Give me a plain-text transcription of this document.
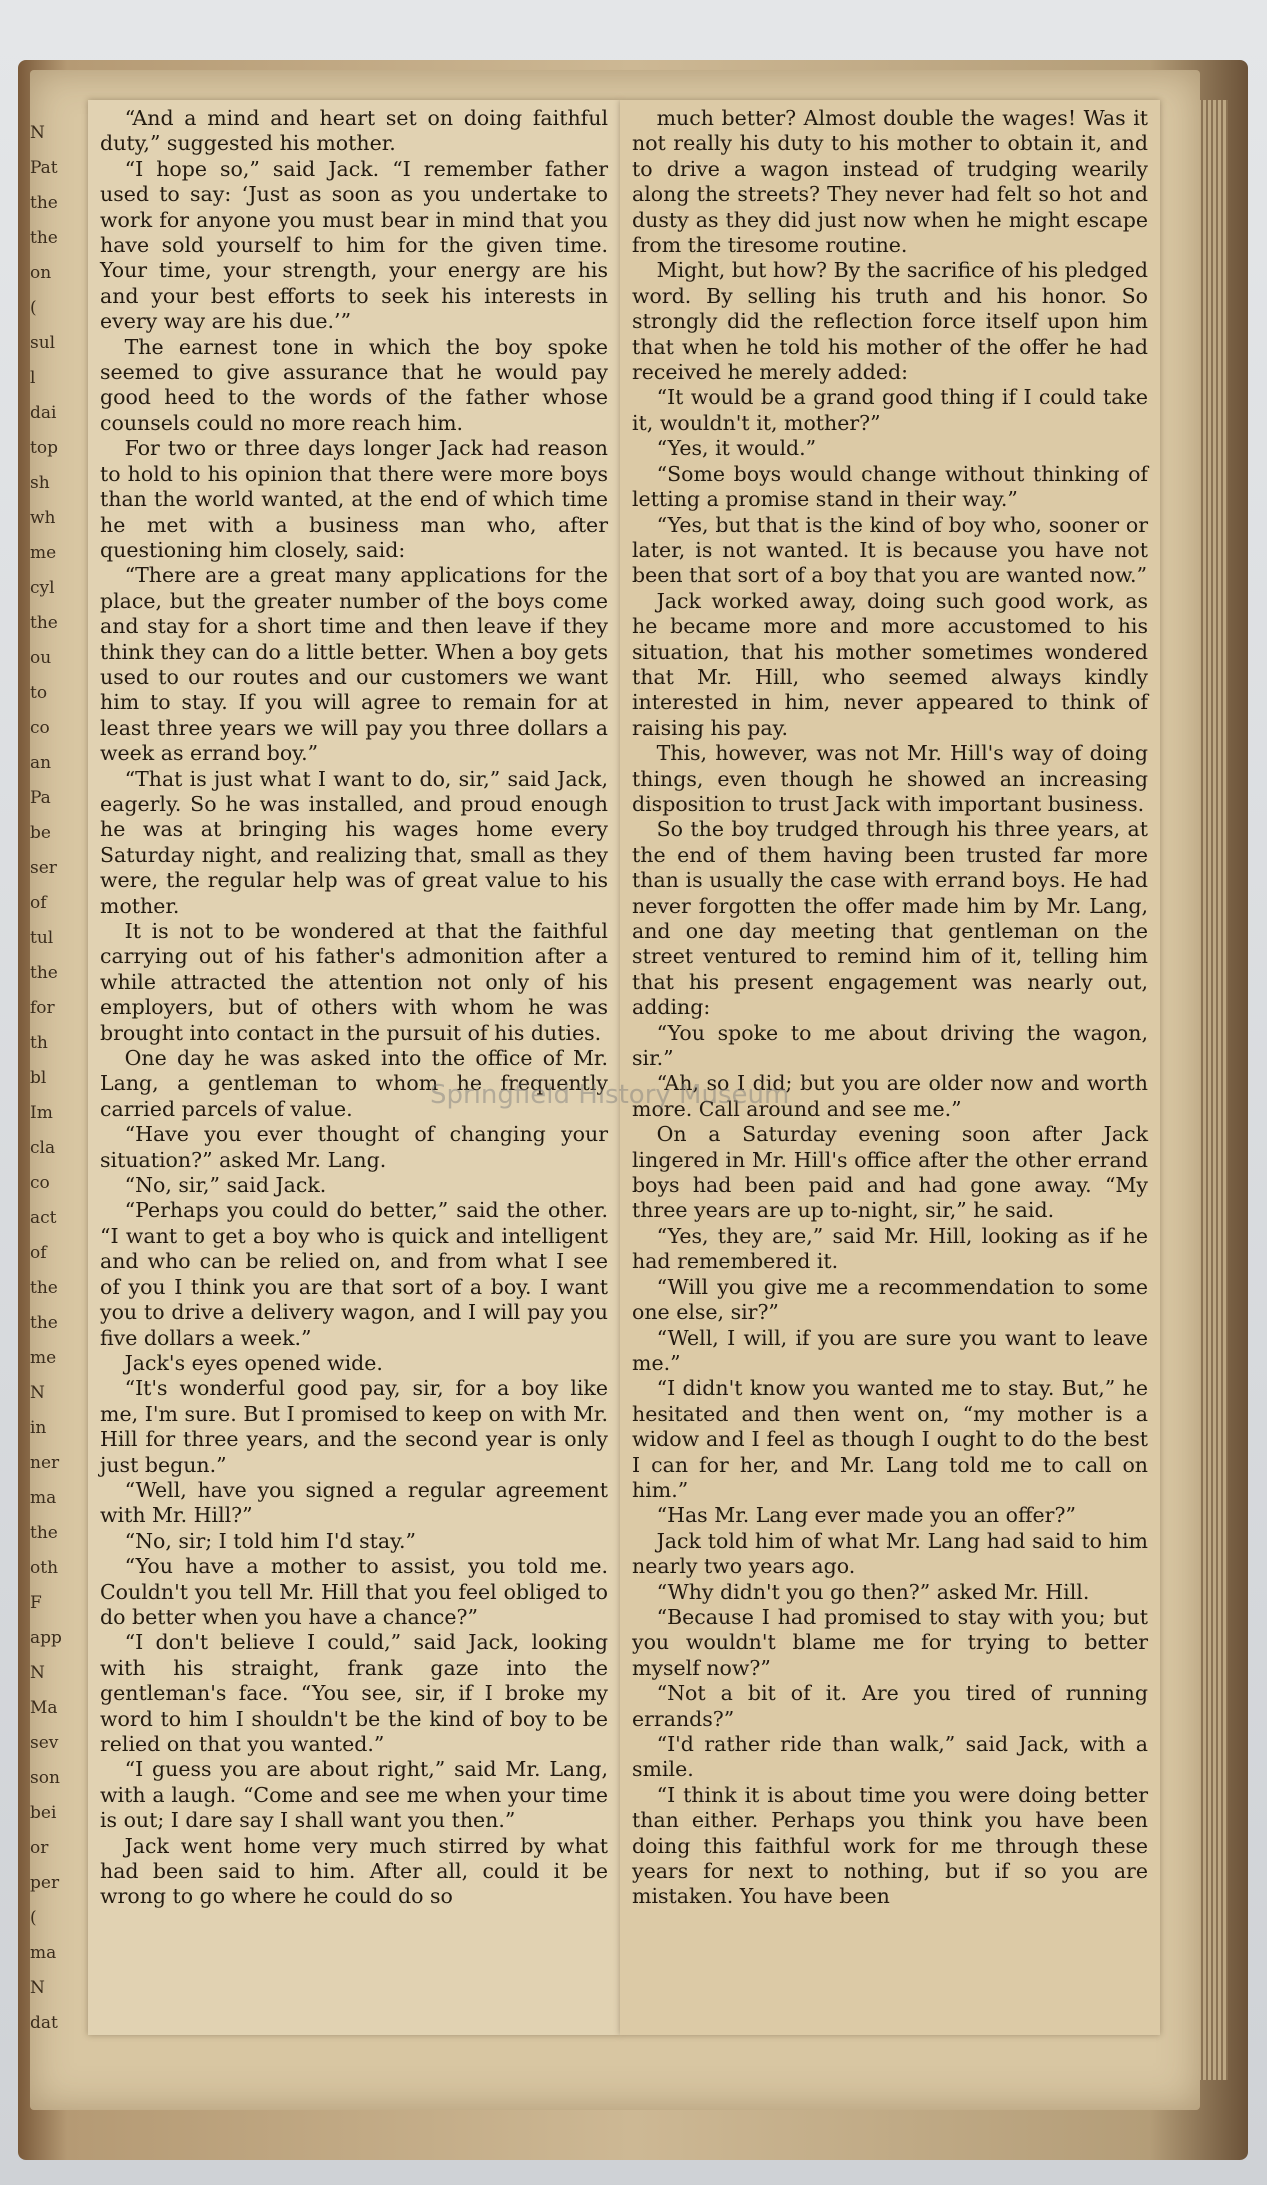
N
Pat
the
the
on
(
sul
l
dai
top
sh
wh
me
cyl
the
ou
to
co
an
Pa
be
ser
of
tul
the
for
th
bl
Im
cla
co
act
of
the
the
me
N
in
ner
ma
the
oth
F
app
N
Ma
sev
son
bei
or
per
(
ma
N
dat

“And a mind and heart set on doing faithful duty,” suggested his mother.

“I hope so,” said Jack. “I remember father used to say: ‘Just as soon as you undertake to work for anyone you must bear in mind that you have sold yourself to him for the given time. Your time, your strength, your energy are his and your best efforts to seek his interests in every way are his due.’”

The earnest tone in which the boy spoke seemed to give assurance that he would pay good heed to the words of the father whose counsels could no more reach him.

For two or three days longer Jack had reason to hold to his opinion that there were more boys than the world wanted, at the end of which time he met with a business man who, after questioning him closely, said:

“There are a great many applications for the place, but the greater number of the boys come and stay for a short time and then leave if they think they can do a little better. When a boy gets used to our routes and our customers we want him to stay. If you will agree to remain for at least three years we will pay you three dollars a week as errand boy.”

“That is just what I want to do, sir,” said Jack, eagerly. So he was installed, and proud enough he was at bringing his wages home every Saturday night, and realizing that, small as they were, the regular help was of great value to his mother.

It is not to be wondered at that the faithful carrying out of his father's admonition after a while attracted the attention not only of his employers, but of others with whom he was brought into contact in the pursuit of his duties.

One day he was asked into the office of Mr. Lang, a gentleman to whom he frequently carried parcels of value.

“Have you ever thought of changing your situation?” asked Mr. Lang.

“No, sir,” said Jack.

“Perhaps you could do better,” said the other. “I want to get a boy who is quick and intelligent and who can be relied on, and from what I see of you I think you are that sort of a boy. I want you to drive a delivery wagon, and I will pay you five dollars a week.”

Jack's eyes opened wide.

“It's wonderful good pay, sir, for a boy like me, I'm sure. But I promised to keep on with Mr. Hill for three years, and the second year is only just begun.”

“Well, have you signed a regular agreement with Mr. Hill?”

“No, sir; I told him I'd stay.”

“You have a mother to assist, you told me. Couldn't you tell Mr. Hill that you feel obliged to do better when you have a chance?”

“I don't believe I could,” said Jack, looking with his straight, frank gaze into the gentleman's face. “You see, sir, if I broke my word to him I shouldn't be the kind of boy to be relied on that you wanted.”

“I guess you are about right,” said Mr. Lang, with a laugh. “Come and see me when your time is out; I dare say I shall want you then.”

Jack went home very much stirred by what had been said to him. After all, could it be wrong to go where he could do so

much better? Almost double the wages! Was it not really his duty to his mother to obtain it, and to drive a wagon instead of trudging wearily along the streets? They never had felt so hot and dusty as they did just now when he might escape from the tiresome routine.

Might, but how? By the sacrifice of his pledged word. By selling his truth and his honor. So strongly did the reflection force itself upon him that when he told his mother of the offer he had received he merely added:

“It would be a grand good thing if I could take it, wouldn't it, mother?”

“Yes, it would.”

“Some boys would change without thinking of letting a promise stand in their way.”

“Yes, but that is the kind of boy who, sooner or later, is not wanted. It is because you have not been that sort of a boy that you are wanted now.”

Jack worked away, doing such good work, as he became more and more accustomed to his situation, that his mother sometimes wondered that Mr. Hill, who seemed always kindly interested in him, never appeared to think of raising his pay.

This, however, was not Mr. Hill's way of doing things, even though he showed an increasing disposition to trust Jack with important business.

So the boy trudged through his three years, at the end of them having been trusted far more than is usually the case with errand boys. He had never forgotten the offer made him by Mr. Lang, and one day meeting that gentleman on the street ventured to remind him of it, telling him that his present engagement was nearly out, adding:

“You spoke to me about driving the wagon, sir.”

“Ah, so I did; but you are older now and worth more. Call around and see me.”

On a Saturday evening soon after Jack lingered in Mr. Hill's office after the other errand boys had been paid and had gone away. “My three years are up to-night, sir,” he said.

“Yes, they are,” said Mr. Hill, looking as if he had remembered it.

“Will you give me a recommendation to some one else, sir?”

“Well, I will, if you are sure you want to leave me.”

“I didn't know you wanted me to stay. But,” he hesitated and then went on, “my mother is a widow and I feel as though I ought to do the best I can for her, and Mr. Lang told me to call on him.”

“Has Mr. Lang ever made you an offer?”

Jack told him of what Mr. Lang had said to him nearly two years ago.

“Why didn't you go then?” asked Mr. Hill.

“Because I had promised to stay with you; but you wouldn't blame me for trying to better myself now?”

“Not a bit of it. Are you tired of running errands?”

“I'd rather ride than walk,” said Jack, with a smile.

“I think it is about time you were doing better than either. Perhaps you think you have been doing this faithful work for me through these years for next to nothing, but if so you are mistaken. You have been

Springfield History Museum
